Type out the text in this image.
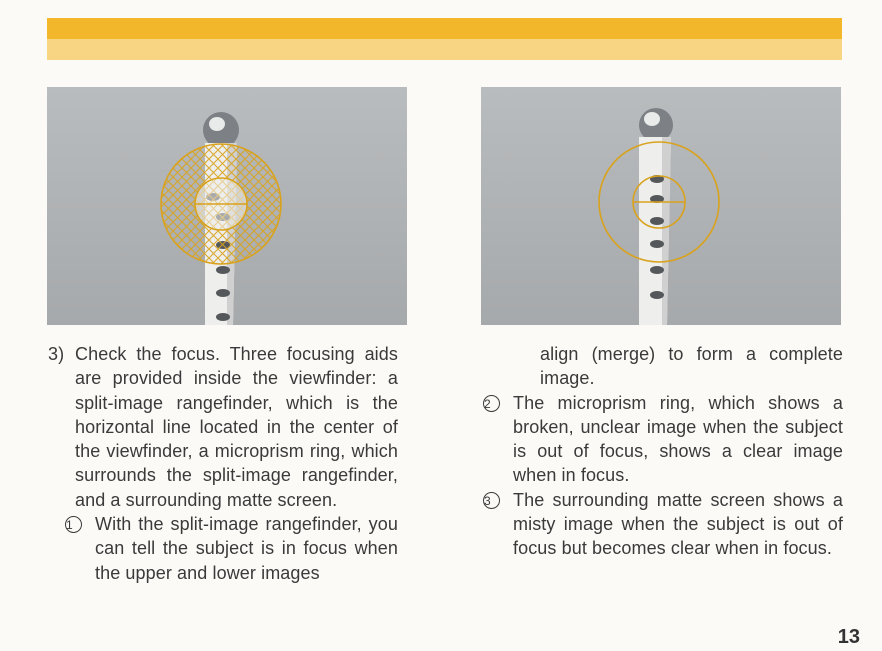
3) Check the focus. Three focusing aids are provided inside the viewfinder: a split-image rangefinder, which is the horizontal line located in the center of the viewfinder, a microprism ring, which surrounds the split-image rangefinder, and a surrounding matte screen.
1	With the split-image rangefinder, you can tell the subject is in focus when the upper and lower images
align (merge) to form a complete image.
2	The microprism ring, which shows a broken, unclear image when the subject is out of focus, shows a clear image when in focus.
3	The surrounding matte screen shows a misty image when the subject is out of focus but becomes clear when in focus.
13
